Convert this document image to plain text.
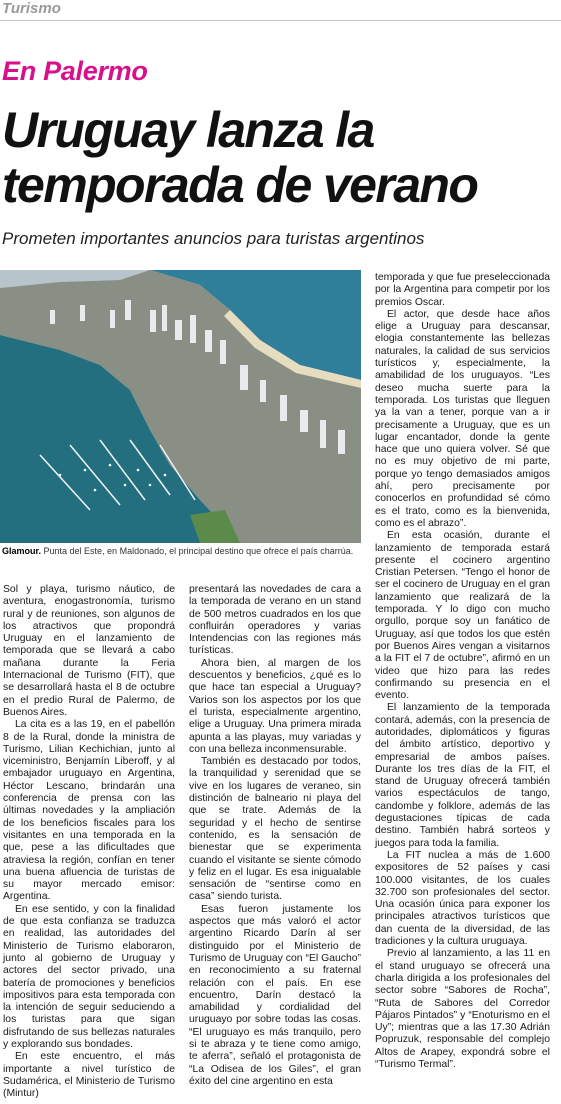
Turismo
En Palermo
Uruguay lanza la temporada de verano
Prometen importantes anuncios para turistas argentinos
Glamour. Punta del Este, en Maldonado, el principal destino que ofrece el país charrúa.

Sol y playa, turismo náutico, de aventura, enogastronomía, turismo rural y de reuniones, son algunos de los atractivos que propondrá Uruguay en el lanzamiento de temporada que se llevará a cabo mañana durante la Feria Internacional de Turismo (FIT), que se desarrollará hasta el 8 de octubre en el predio Rural de Palermo, de Buenos Aires.

La cita es a las 19, en el pabellón 8 de la Rural, donde la ministra de Turismo, Lilian Kechichian, junto al viceministro, Benjamín Liberoff, y al embajador uruguayo en Argentina, Héctor Lescano, brindarán una conferencia de prensa con las últimas novedades y la ampliación de los beneficios fiscales para los visitantes en una temporada en la que, pese a las dificultades que atraviesa la región, confían en tener una buena afluencia de turistas de su mayor mercado emisor: Argentina.

En ese sentido, y con la finalidad de que esta confianza se traduzca en realidad, las autoridades del Ministerio de Turismo elaboraron, junto al gobierno de Uruguay y actores del sector privado, una batería de promociones y beneficios impositivos para esta temporada con la intención de seguir seduciendo a los turistas para que sigan disfrutando de sus bellezas naturales y explorando sus bondades.

En este encuentro, el más importante a nivel turístico de Sudamérica, el Ministerio de Turismo (Mintur)

presentará las novedades de cara a la temporada de verano en un stand de 500 metros cuadrados en los que confluirán operadores y varias Intendencias con las regiones más turísticas.

Ahora bien, al margen de los descuentos y beneficios, ¿qué es lo que hace tan especial a Uruguay? Varios son los aspectos por los que el turista, especialmente argentino, elige a Uruguay. Una primera mirada apunta a las playas, muy variadas y con una belleza inconmensurable.

También es destacado por todos, la tranquilidad y serenidad que se vive en los lugares de veraneo, sin distinción de balneario ni playa del que se trate. Además de la seguridad y el hecho de sentirse contenido, es la sensación de bienestar que se experimenta cuando el visitante se siente cómodo y feliz en el lugar. Es esa inigualable sensación de “sentirse como en casa” siendo turista.

Esas fueron justamente los aspectos que más valoró el actor argentino Ricardo Darín al ser distinguido por el Ministerio de Turismo de Uruguay con “El Gaucho” en reconocimiento a su fraternal relación con el país. En ese encuentro, Darín destacó la amabilidad y cordialidad del uruguayo por sobre todas las cosas. “El uruguayo es más tranquilo, pero si te abraza y te tiene como amigo, te aferra”, señaló el protagonista de “La Odisea de los Giles”, el gran éxito del cine argentino en esta

temporada y que fue preseleccionada por la Argentina para competir por los premios Oscar.

El actor, que desde hace años elige a Uruguay para descansar, elogia constantemente las bellezas naturales, la calidad de sus servicios turísticos y, especialmente, la amabilidad de los uruguayos. “Les deseo mucha suerte para la temporada. Los turistas que lleguen ya la van a tener, porque van a ir precisamente a Uruguay, que es un lugar encantador, donde la gente hace que uno quiera volver. Sé que no es muy objetivo de mi parte, porque yo tengo demasiados amigos ahí, pero precisamente por conocerlos en profundidad sé cómo es el trato, como es la bienvenida, como es el abrazo”.

En esta ocasión, durante el lanzamiento de temporada estará presente el cocinero argentino Cristian Petersen. “Tengo el honor de ser el cocinero de Uruguay en el gran lanzamiento que realizará de la temporada. Y lo digo con mucho orgullo, porque soy un fanático de Uruguay, así que todos los que estén por Buenos Aires vengan a visitarnos a la FIT el 7 de octubre”, afirmó en un video que hizo para las redes confirmando su presencia en el evento.

El lanzamiento de la temporada contará, además, con la presencia de autoridades, diplomáticos y figuras del ámbito artístico, deportivo y empresarial de ambos países. Durante los tres días de la FIT, el stand de Uruguay ofrecerá también varios espectáculos de tango, candombe y folklore, además de las degustaciones típicas de cada destino. También habrá sorteos y juegos para toda la familia.

La FIT nuclea a más de 1.600 expositores de 52 países y casi 100.000 visitantes, de los cuales 32.700 son profesionales del sector. Una ocasión única para exponer los principales atractivos turísticos que dan cuenta de la diversidad, de las tradiciones y la cultura uruguaya.

Previo al lanzamiento, a las 11 en el stand uruguayo se ofrecerá una charla dirigida a los profesionales del sector sobre “Sabores de Rocha”, “Ruta de Sabores del Corredor Pájaros Pintados” y “Enoturismo en el Uy”; mientras que a las 17.30 Adrián Popruzuk, responsable del complejo Altos de Arapey, expondrá sobre el “Turismo Termal”.
